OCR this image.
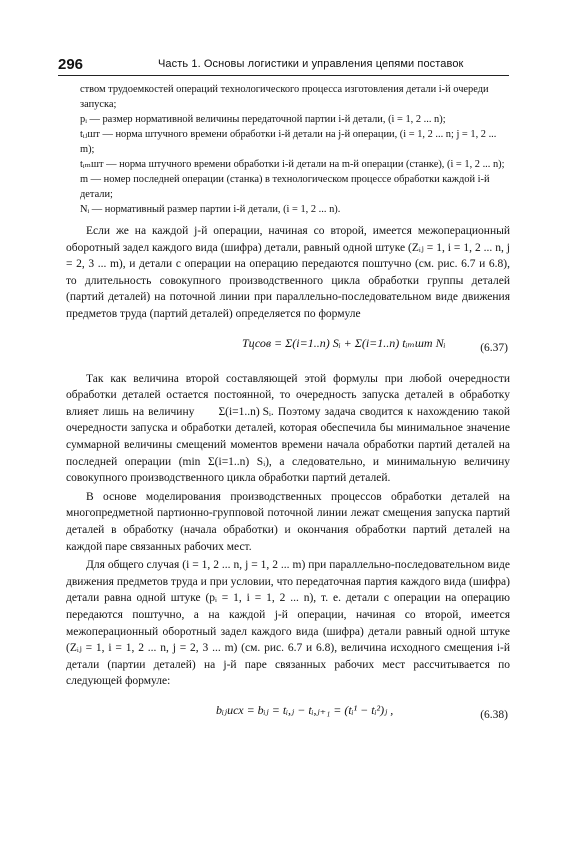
296	Часть 1. Основы логистики и управления цепями поставок

ством трудоемкостей операций технологического процесса изготовления детали i-й очереди запуска;

pᵢ — размер нормативной величины передаточной партии i-й детали, (i = 1, 2 ... n);

tᵢⱼшт — норма штучного времени обработки i-й детали на j-й операции, (i = 1, 2 ... n; j = 1, 2 ... m);

tᵢₘшт — норма штучного времени обработки i-й детали на m-й операции (станке), (i = 1, 2 ... n);

m — номер последней операции (станка) в технологическом процессе обработки каждой i-й детали;

Nᵢ — нормативный размер партии i-й детали, (i = 1, 2 ... n).

Если же на каждой j-й операции, начиная со второй, имеется межоперационный оборотный задел каждого вида (шифра) детали, равный одной штуке (Zᵢⱼ = 1, i = 1, 2 ... n, j = 2, 3 ... m), и детали с операции на операцию передаются поштучно (см. рис. 6.7 и 6.8), то длительность совокупного производственного цикла обработки группы деталей (партий деталей) на поточной линии при параллельно-последовательном виде движения предметов труда (партий деталей) определяется по формуле

Tцсов = Σ(i=1..n) Sᵢ + Σ(i=1..n) tᵢₘшт Nᵢ	(6.37)

Так как величина второй составляющей этой формулы при любой очередности обработки деталей остается постоянной, то очередность запуска деталей в обработку влияет лишь на величину Σ(i=1..n) Sᵢ. Поэтому задача сводится к нахождению такой очередности запуска и обработки деталей, которая обеспечила бы минимальное значение суммарной величины смещений моментов времени начала обработки партий деталей на последней операции (min Σ(i=1..n) Sᵢ), а следовательно, и минимальную величину совокупного производственного цикла обработки партий деталей.

В основе моделирования производственных процессов обработки деталей на многопредметной партионно-групповой поточной линии лежат смещения запуска партий деталей в обработку (начала обработки) и окончания обработки партий деталей на каждой паре связанных рабочих мест.

Для общего случая (i = 1, 2 ... n, j = 1, 2 ... m) при параллельно-последовательном виде движения предметов труда и при условии, что передаточная партия каждого вида (шифра) детали равна одной штуке (pᵢ = 1, i = 1, 2 ... n), т. е. детали с операции на операцию передаются поштучно, а на каждой j-й операции, начиная со второй, имеется межоперационный оборотный задел каждого вида (шифра) детали равный одной штуке (Zᵢⱼ = 1, i = 1, 2 ... n, j = 2, 3 ... m) (см. рис. 6.7 и 6.8), величина исходного смещения i-й детали (партии деталей) на j-й паре связанных рабочих мест рассчитывается по следующей формуле:

bᵢⱼисх = bᵢⱼ = tᵢ,ⱼ − tᵢ,ⱼ₊₁ = (tᵢ¹ − tᵢ²)ⱼ ,	(6.38)
